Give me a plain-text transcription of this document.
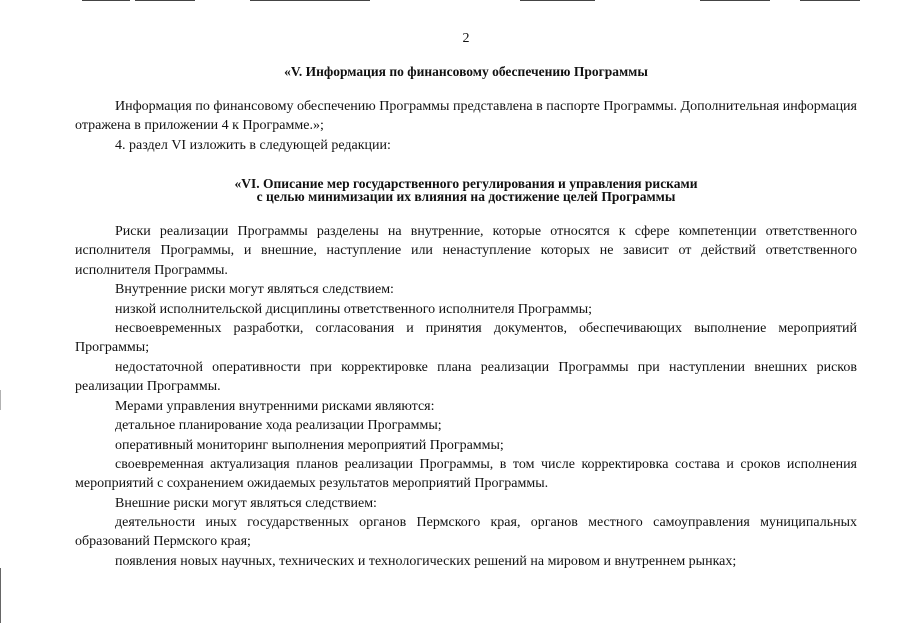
2
«V. Информация по финансовому обеспечению Программы

Информация по финансовому обеспечению Программы представлена в паспорте Программы. Дополнительная информация отражена в приложении 4 к Программе.»;

4. раздел VI изложить в следующей редакции:

«VI. Описание мер государственного регулирования и управления рисками
с целью минимизации их влияния на достижение целей Программы

Риски реализации Программы разделены на внутренние, которые относятся к сфере компетенции ответственного исполнителя Программы, и внешние, наступление или ненаступление которых не зависит от действий ответственного исполнителя Программы.

Внутренние риски могут являться следствием:

низкой исполнительской дисциплины ответственного исполнителя Программы;

несвоевременных разработки, согласования и принятия документов, обеспечивающих выполнение мероприятий Программы;

недостаточной оперативности при корректировке плана реализации Программы при наступлении внешних рисков реализации Программы.

Мерами управления внутренними рисками являются:

детальное планирование хода реализации Программы;

оперативный мониторинг выполнения мероприятий Программы;

своевременная актуализация планов реализации Программы, в том числе корректировка состава и сроков исполнения мероприятий с сохранением ожидаемых результатов мероприятий Программы.

Внешние риски могут являться следствием:

деятельности иных государственных органов Пермского края, органов местного самоуправления муниципальных образований Пермского края;

появления новых научных, технических и технологических решений на мировом и внутреннем рынках;
